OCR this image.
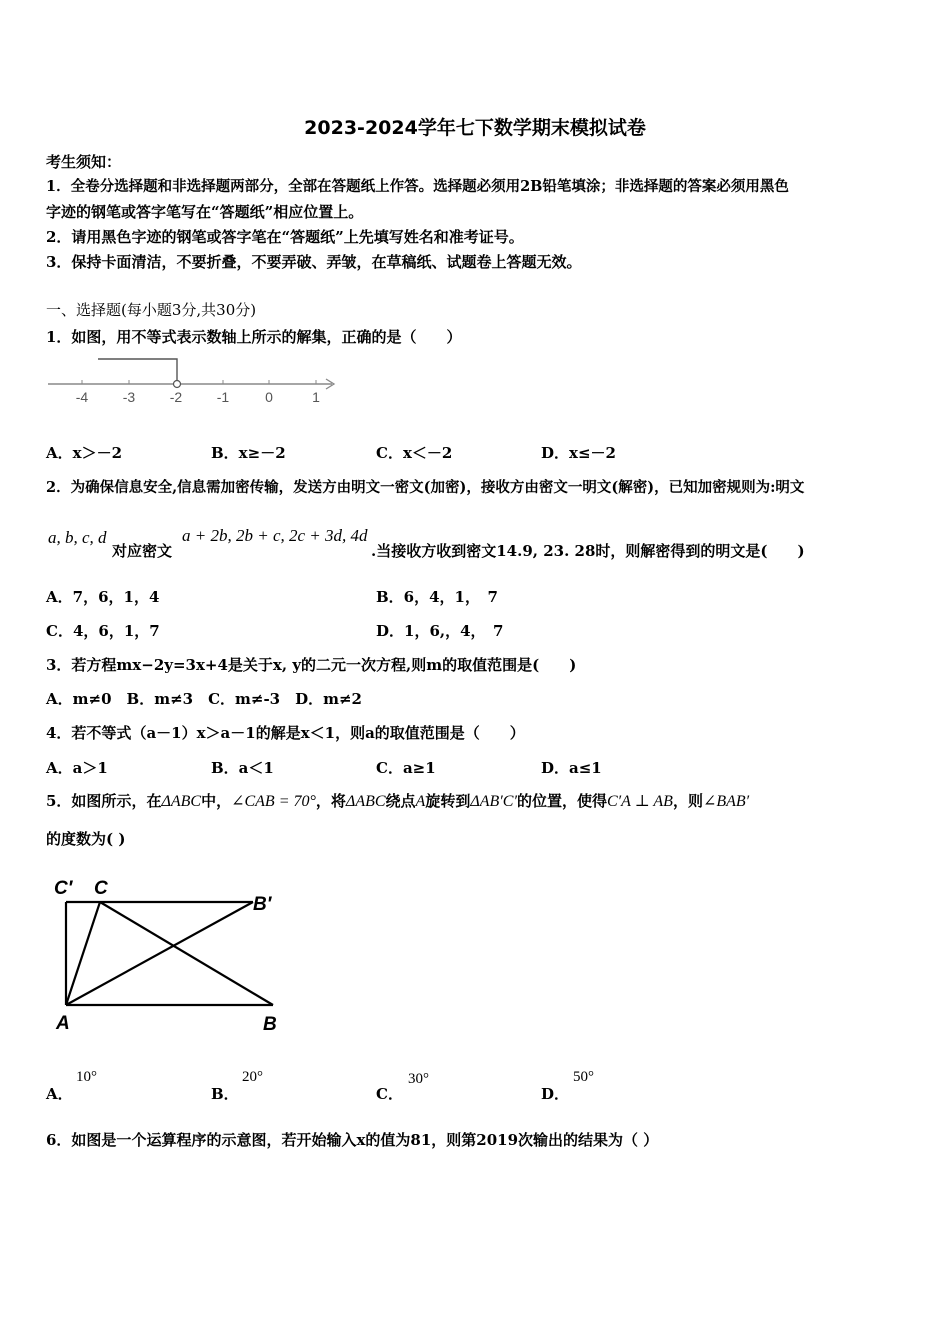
2023-2024学年七下数学期末模拟试卷
考生须知：
1．全卷分选择题和非选择题两部分，全部在答题纸上作答。选择题必须用2B铅笔填涂；非选择题的答案必须用黑色
字迹的钢笔或答字笔写在“答题纸”相应位置上。
2．请用黑色字迹的钢笔或答字笔在“答题纸”上先填写姓名和准考证号。
3．保持卡面清洁，不要折叠，不要弄破、弄皱，在草稿纸、试题卷上答题无效。
一、选择题(每小题3分,共30分)
1．如图，用不等式表示数轴上所示的解集，正确的是（　　）
-4 -3 -2 -1	0	1
A．x＞－2	B．x≥－2	C．x＜－2	D．x≤－2
2．为确保信息安全,信息需加密传输，发送方由明文一密文(加密)，接收方由密文一明文(解密)，已知加密规则为:明文
a, b, c, d
对应密文
a + 2b, 2b + c, 2c + 3d, 4d
.当接收方收到密文14.9, 23. 28时，则解密得到的明文是(　　)
A．7，6，1，4	B．6，4，1，　7
C．4，6，1，7	D．1，6,，4，　7
3．若方程mx−2y=3x+4是关于x, y的二元一次方程,则m的取值范围是(　　)
A．m≠0　B．m≠3　C．m≠-3　D．m≠2
4．若不等式（a－1）x＞a－1的解是x＜1，则a的取值范围是（　　）
A．a＞1	B．a＜1	C．a≥1	D．a≤1
5．如图所示，在ΔABC中，∠CAB = 70°，将ΔABC绕点A旋转到ΔAB′C′的位置，使得C′A ⊥ AB，则∠BAB′
的度数为( )
C′ C
B′
A	B
A．
10°
B．
20°
C．
30°
D．
50°
6．如图是一个运算程序的示意图，若开始输入x的值为81，则第2019次输出的结果为（ ）
